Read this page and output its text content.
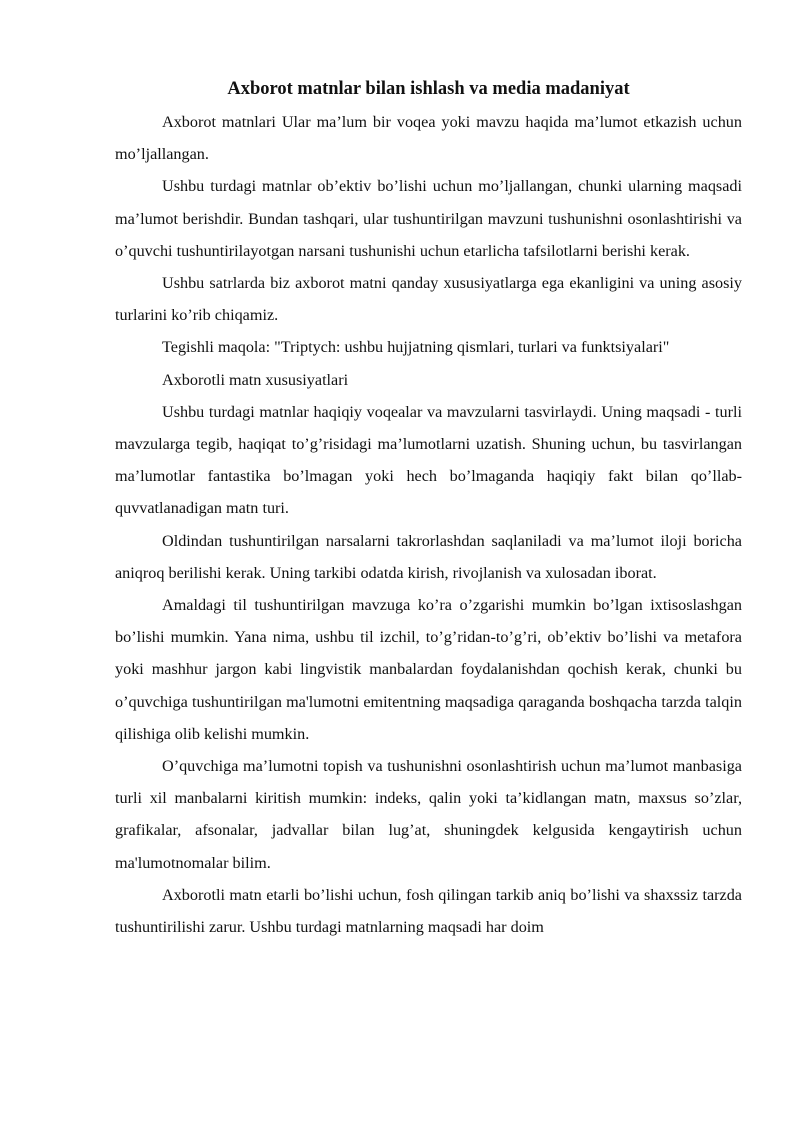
Axborot matnlar bilan ishlash va media madaniyat

Axborot matnlari Ular ma’lum bir voqea yoki mavzu haqida ma’lumot etkazish uchun mo’ljallangan.

Ushbu turdagi matnlar ob’ektiv bo’lishi uchun mo’ljallangan, chunki ularning maqsadi ma’lumot berishdir. Bundan tashqari, ular tushuntirilgan mavzuni tushunishni osonlashtirishi va o’quvchi tushuntirilayotgan narsani tushunishi uchun etarlicha tafsilotlarni berishi kerak.

Ushbu satrlarda biz axborot matni qanday xususiyatlarga ega ekanligini va uning asosiy turlarini ko’rib chiqamiz.

Tegishli maqola: "Triptych: ushbu hujjatning qismlari, turlari va funktsiyalari"

Axborotli matn xususiyatlari

Ushbu turdagi matnlar haqiqiy voqealar va mavzularni tasvirlaydi. Uning maqsadi - turli mavzularga tegib, haqiqat to’g’risidagi ma’lumotlarni uzatish. Shuning uchun, bu tasvirlangan ma’lumotlar fantastika bo’lmagan yoki hech bo’lmaganda haqiqiy fakt bilan qo’llab-quvvatlanadigan matn turi.

Oldindan tushuntirilgan narsalarni takrorlashdan saqlaniladi va ma’lumot iloji boricha aniqroq berilishi kerak. Uning tarkibi odatda kirish, rivojlanish va xulosadan iborat.

Amaldagi til tushuntirilgan mavzuga ko’ra o’zgarishi mumkin bo’lgan ixtisoslashgan bo’lishi mumkin. Yana nima, ushbu til izchil, to’g’ridan-to’g’ri, ob’ektiv bo’lishi va metafora yoki mashhur jargon kabi lingvistik manbalardan foydalanishdan qochish kerak, chunki bu o’quvchiga tushuntirilgan ma'lumotni emitentning maqsadiga qaraganda boshqacha tarzda talqin qilishiga olib kelishi mumkin.

O’quvchiga ma’lumotni topish va tushunishni osonlashtirish uchun ma’lumot manbasiga turli xil manbalarni kiritish mumkin: indeks, qalin yoki ta’kidlangan matn, maxsus so’zlar, grafikalar, afsonalar, jadvallar bilan lug’at, shuningdek kelgusida kengaytirish uchun ma'lumotnomalar bilim.

Axborotli matn etarli bo’lishi uchun, fosh qilingan tarkib aniq bo’lishi va shaxssiz tarzda tushuntirilishi zarur. Ushbu turdagi matnlarning maqsadi har doim
